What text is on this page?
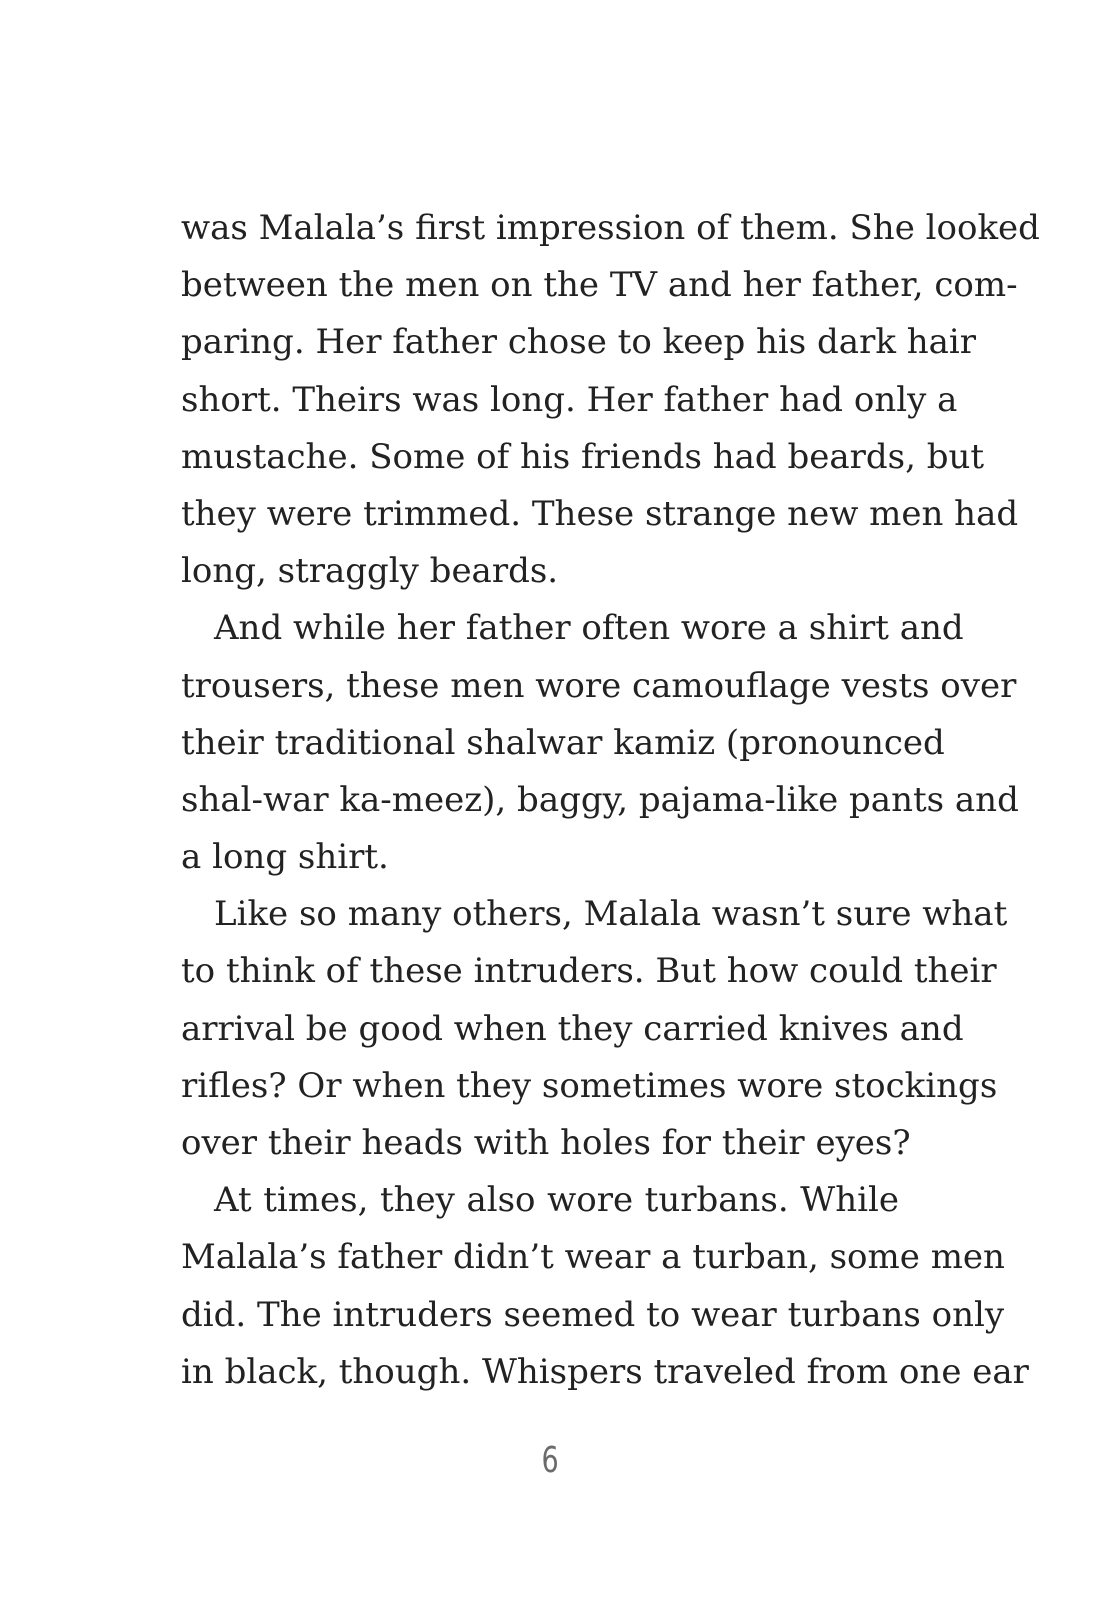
was Malala’s first impression of them. She looked
between the men on the TV and her father, com-
paring. Her father chose to keep his dark hair
short. Theirs was long. Her father had only a
mustache. Some of his friends had beards, but
they were trimmed. These strange new men had
long, straggly beards.
And while her father often wore a shirt and
trousers, these men wore camouflage vests over
their traditional shalwar kamiz (pronounced
shal-war ka-meez), baggy, pajama-like pants and
a long shirt.
Like so many others, Malala wasn’t sure what
to think of these intruders. But how could their
arrival be good when they carried knives and
rifles? Or when they sometimes wore stockings
over their heads with holes for their eyes?
At times, they also wore turbans. While
Malala’s father didn’t wear a turban, some men
did. The intruders seemed to wear turbans only
in black, though. Whispers traveled from one ear
6
